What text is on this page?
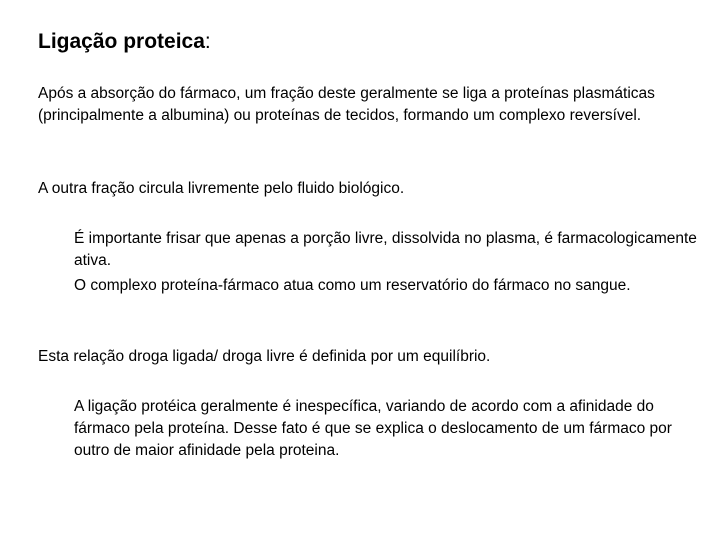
Ligação proteica:

Após a absorção do fármaco, um fração deste geralmente se liga a proteínas plasmáticas (principalmente a albumina) ou proteínas de tecidos, formando um complexo reversível.

A outra fração circula livremente pelo fluido biológico.

É importante frisar que apenas a porção livre, dissolvida no plasma, é farmacologicamente ativa.

O complexo proteína-fármaco atua como um reservatório do fármaco no sangue.

Esta relação droga ligada/ droga livre é definida por um equilíbrio.

A ligação protéica geralmente é inespecífica, variando de acordo com a afinidade do fármaco pela proteína. Desse fato é que se explica o deslocamento de um fármaco por outro de maior afinidade pela proteina.
